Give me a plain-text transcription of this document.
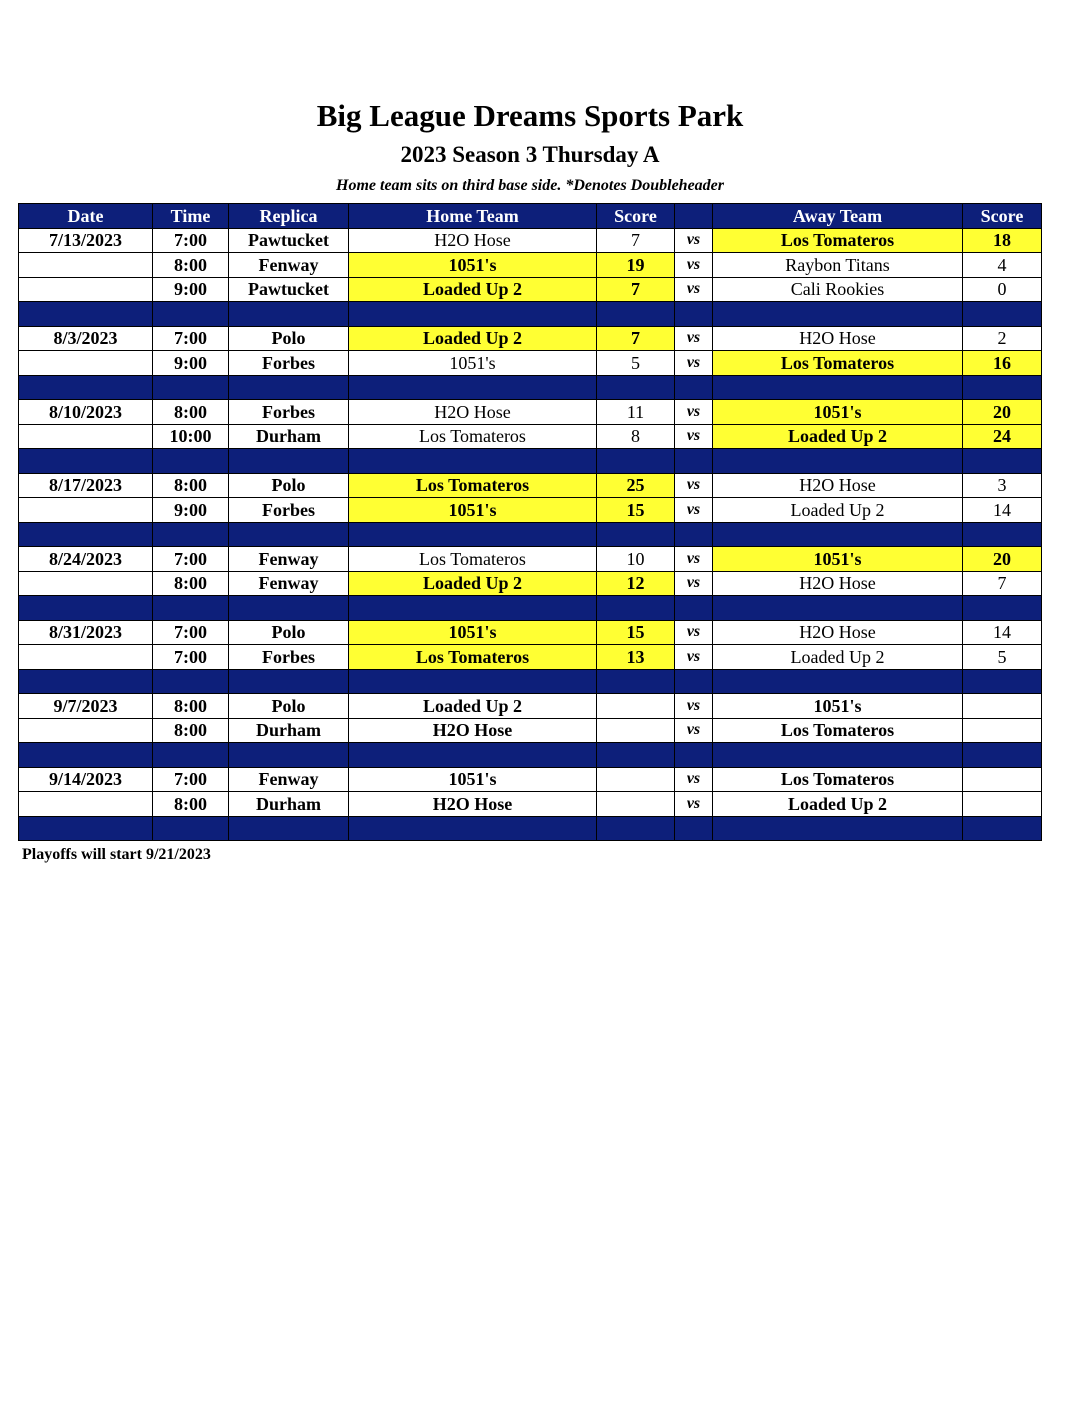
Big League Dreams Sports Park
2023 Season 3 Thursday A
Home team sits on third base side. *Denotes Doubleheader
Date	Time	Replica	Home Team	Score		Away Team	Score
7/13/2023	7:00	Pawtucket	H2O Hose	7	vs	Los Tomateros	18
	8:00	Fenway	1051's	19	vs	Raybon Titans	4
	9:00	Pawtucket	Loaded Up 2	7	vs	Cali Rookies	0

8/3/2023	7:00	Polo	Loaded Up 2	7	vs	H2O Hose	2
	9:00	Forbes	1051's	5	vs	Los Tomateros	16

8/10/2023	8:00	Forbes	H2O Hose	11	vs	1051's	20
	10:00	Durham	Los Tomateros	8	vs	Loaded Up 2	24

8/17/2023	8:00	Polo	Los Tomateros	25	vs	H2O Hose	3
	9:00	Forbes	1051's	15	vs	Loaded Up 2	14

8/24/2023	7:00	Fenway	Los Tomateros	10	vs	1051's	20
	8:00	Fenway	Loaded Up 2	12	vs	H2O Hose	7

8/31/2023	7:00	Polo	1051's	15	vs	H2O Hose	14
	7:00	Forbes	Los Tomateros	13	vs	Loaded Up 2	5

9/7/2023	8:00	Polo	Loaded Up 2		vs	1051's	
	8:00	Durham	H2O Hose		vs	Los Tomateros	

9/14/2023	7:00	Fenway	1051's		vs	Los Tomateros	
	8:00	Durham	H2O Hose		vs	Loaded Up 2	

Playoffs will start 9/21/2023
